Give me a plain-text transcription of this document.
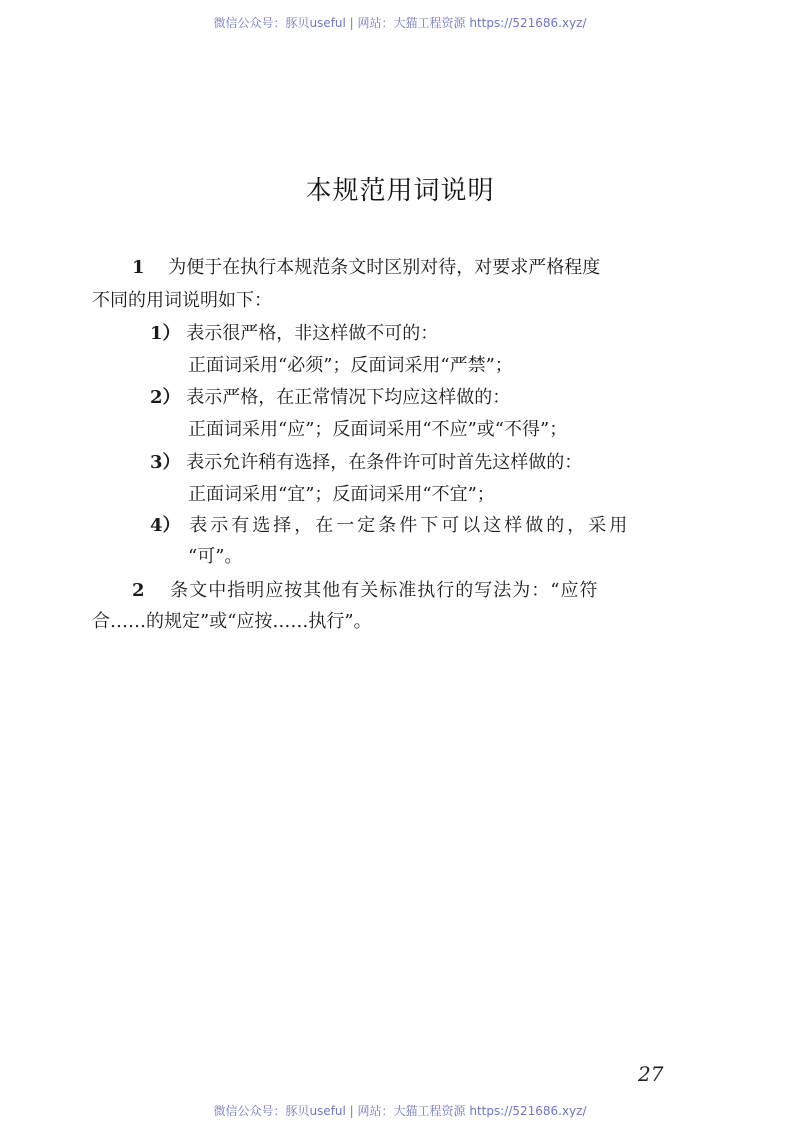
微信公众号：豚贝useful | 网站：大猫工程资源 https://521686.xyz/
本规范用词说明
1 为便于在执行本规范条文时区别对待，对要求严格程度
不同的用词说明如下：
1） 表示很严格，非这样做不可的：
正面词采用“必须”；反面词采用“严禁”；
2） 表示严格，在正常情况下均应这样做的：
正面词采用“应”；反面词采用“不应”或“不得”；
3） 表示允许稍有选择，在条件许可时首先这样做的：
正面词采用“宜”；反面词采用“不宜”；
4） 表示有选择，在一定条件下可以这样做的，采用
“可”。
2 条文中指明应按其他有关标准执行的写法为：“应符
合……的规定”或“应按……执行”。
27
微信公众号：豚贝useful | 网站：大猫工程资源 https://521686.xyz/
